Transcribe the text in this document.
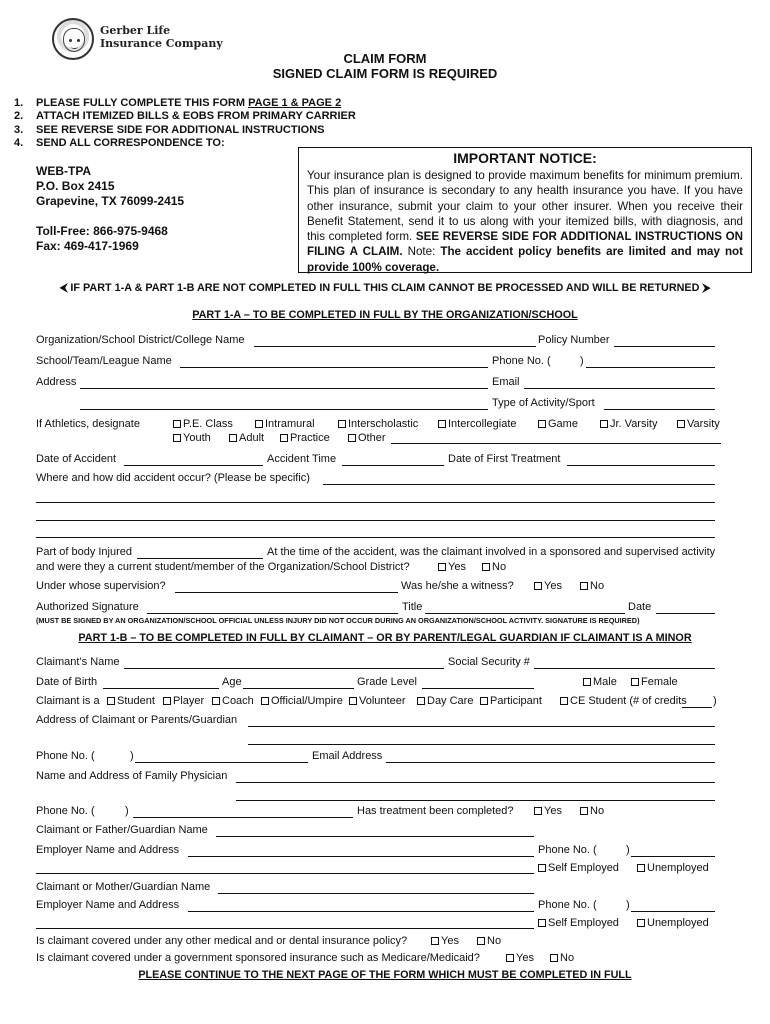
Gerber Life
Insurance Company
CLAIM FORM
SIGNED CLAIM FORM IS REQUIRED
1. PLEASE FULLY COMPLETE THIS FORM PAGE 1 & PAGE 2
2. ATTACH ITEMIZED BILLS & EOBS FROM PRIMARY CARRIER
3. SEE REVERSE SIDE FOR ADDITIONAL INSTRUCTIONS
4. SEND ALL CORRESPONDENCE TO:
WEB-TPA
P.O. Box 2415
Grapevine, TX 76099-2415
Toll-Free: 866-975-9468
Fax: 469-417-1969
IMPORTANT NOTICE:

Your insurance plan is designed to provide maximum benefits for minimum premium. This plan of insurance is secondary to any health insurance you have. If you have other insurance, submit your claim to your other insurer. When you receive their Benefit Statement, send it to us along with your itemized bills, with diagnosis, and this completed form. SEE REVERSE SIDE FOR ADDITIONAL INSTRUCTIONS ON FILING A CLAIM. Note: The accident policy benefits are limited and may not provide 100% coverage.

⮜ IF PART 1-A & PART 1-B ARE NOT COMPLETED IN FULL THIS CLAIM CANNOT BE PROCESSED AND WILL BE RETURNED ⮞
PART 1-A – TO BE COMPLETED IN FULL BY THE ORGANIZATION/SCHOOL
Organization/School District/College Name	Policy Number
School/Team/League Name	Phone No. (	)
Address	Email
Type of Activity/Sport
If Athletics, designate	P.E. Class	Intramural	Interscholastic	Intercollegiate	Game	Jr. Varsity	Varsity
Youth	Adult	Practice	Other
Date of Accident	Accident Time	Date of First Treatment
Where and how did accident occur? (Please be specific)
Part of body Injured	At the time of the accident, was the claimant involved in a sponsored and supervised activity
and were they a current student/member of the Organization/School District?	Yes	No
Under whose supervision?	Was he/she a witness?	Yes	No
Authorized Signature	Title	Date
(MUST BE SIGNED BY AN ORGANIZATION/SCHOOL OFFICIAL UNLESS INJURY DID NOT OCCUR DURING AN ORGANIZATION/SCHOOL ACTIVITY. SIGNATURE IS REQUIRED)
PART 1-B – TO BE COMPLETED IN FULL BY CLAIMANT – OR BY PARENT/LEGAL GUARDIAN IF CLAIMANT IS A MINOR
Claimant’s Name	Social Security #
Date of Birth	Age	Grade Level	Male	Female
Claimant is a	Student	Player	Coach	Official/Umpire	Volunteer	Day Care	Participant	CE Student (# of credits )
Address of Claimant or Parents/Guardian
Phone No. (	)	Email Address
Name and Address of Family Physician
Phone No. (	)	Has treatment been completed?	Yes	No
Claimant or Father/Guardian Name
Employer Name and Address	Phone No. (	)
Self Employed	Unemployed
Claimant or Mother/Guardian Name
Employer Name and Address	Phone No. (	)
Self Employed	Unemployed
Is claimant covered under any other medical and or dental insurance policy?	Yes	No
Is claimant covered under a government sponsored insurance such as Medicare/Medicaid?	Yes	No
PLEASE CONTINUE TO THE NEXT PAGE OF THE FORM WHICH MUST BE COMPLETED IN FULL
